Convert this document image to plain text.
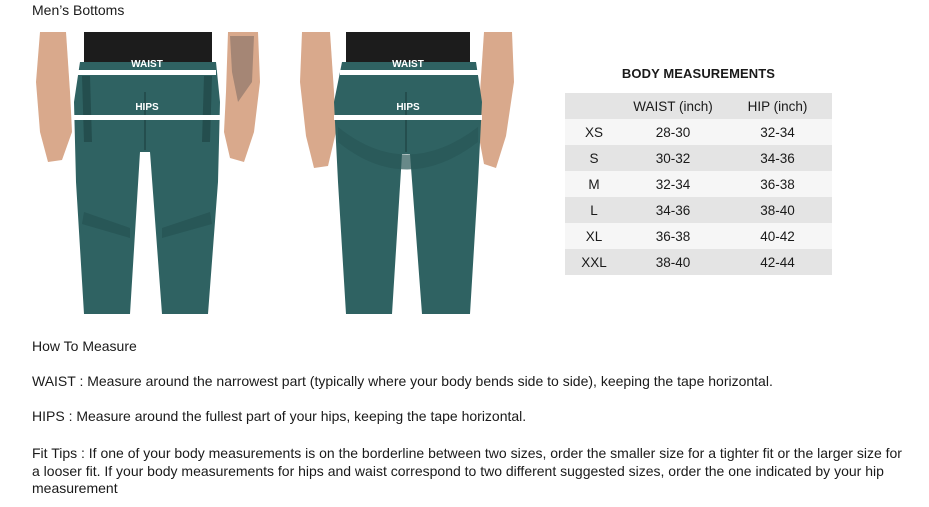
Men’s Bottoms
WAIST
HIPS
WAIST
HIPS
BODY MEASUREMENTS
	WAIST (inch)	HIP (inch)
XS	28-30	32-34
S	30-32	34-36
M	32-34	36-38
L	34-36	38-40
XL	36-38	40-42
XXL	38-40	42-44
How To Measure
WAIST : Measure around the narrowest part (typically where your body bends side to side), keeping the tape horizontal.
HIPS : Measure around the fullest part of your hips, keeping the tape horizontal.
Fit Tips : If one of your body measurements is on the borderline between two sizes, order the smaller size for a tighter fit or the larger size for a looser fit. If your body measurements for hips and waist correspond to two different suggested sizes, order the one indicated by your hip measurement
